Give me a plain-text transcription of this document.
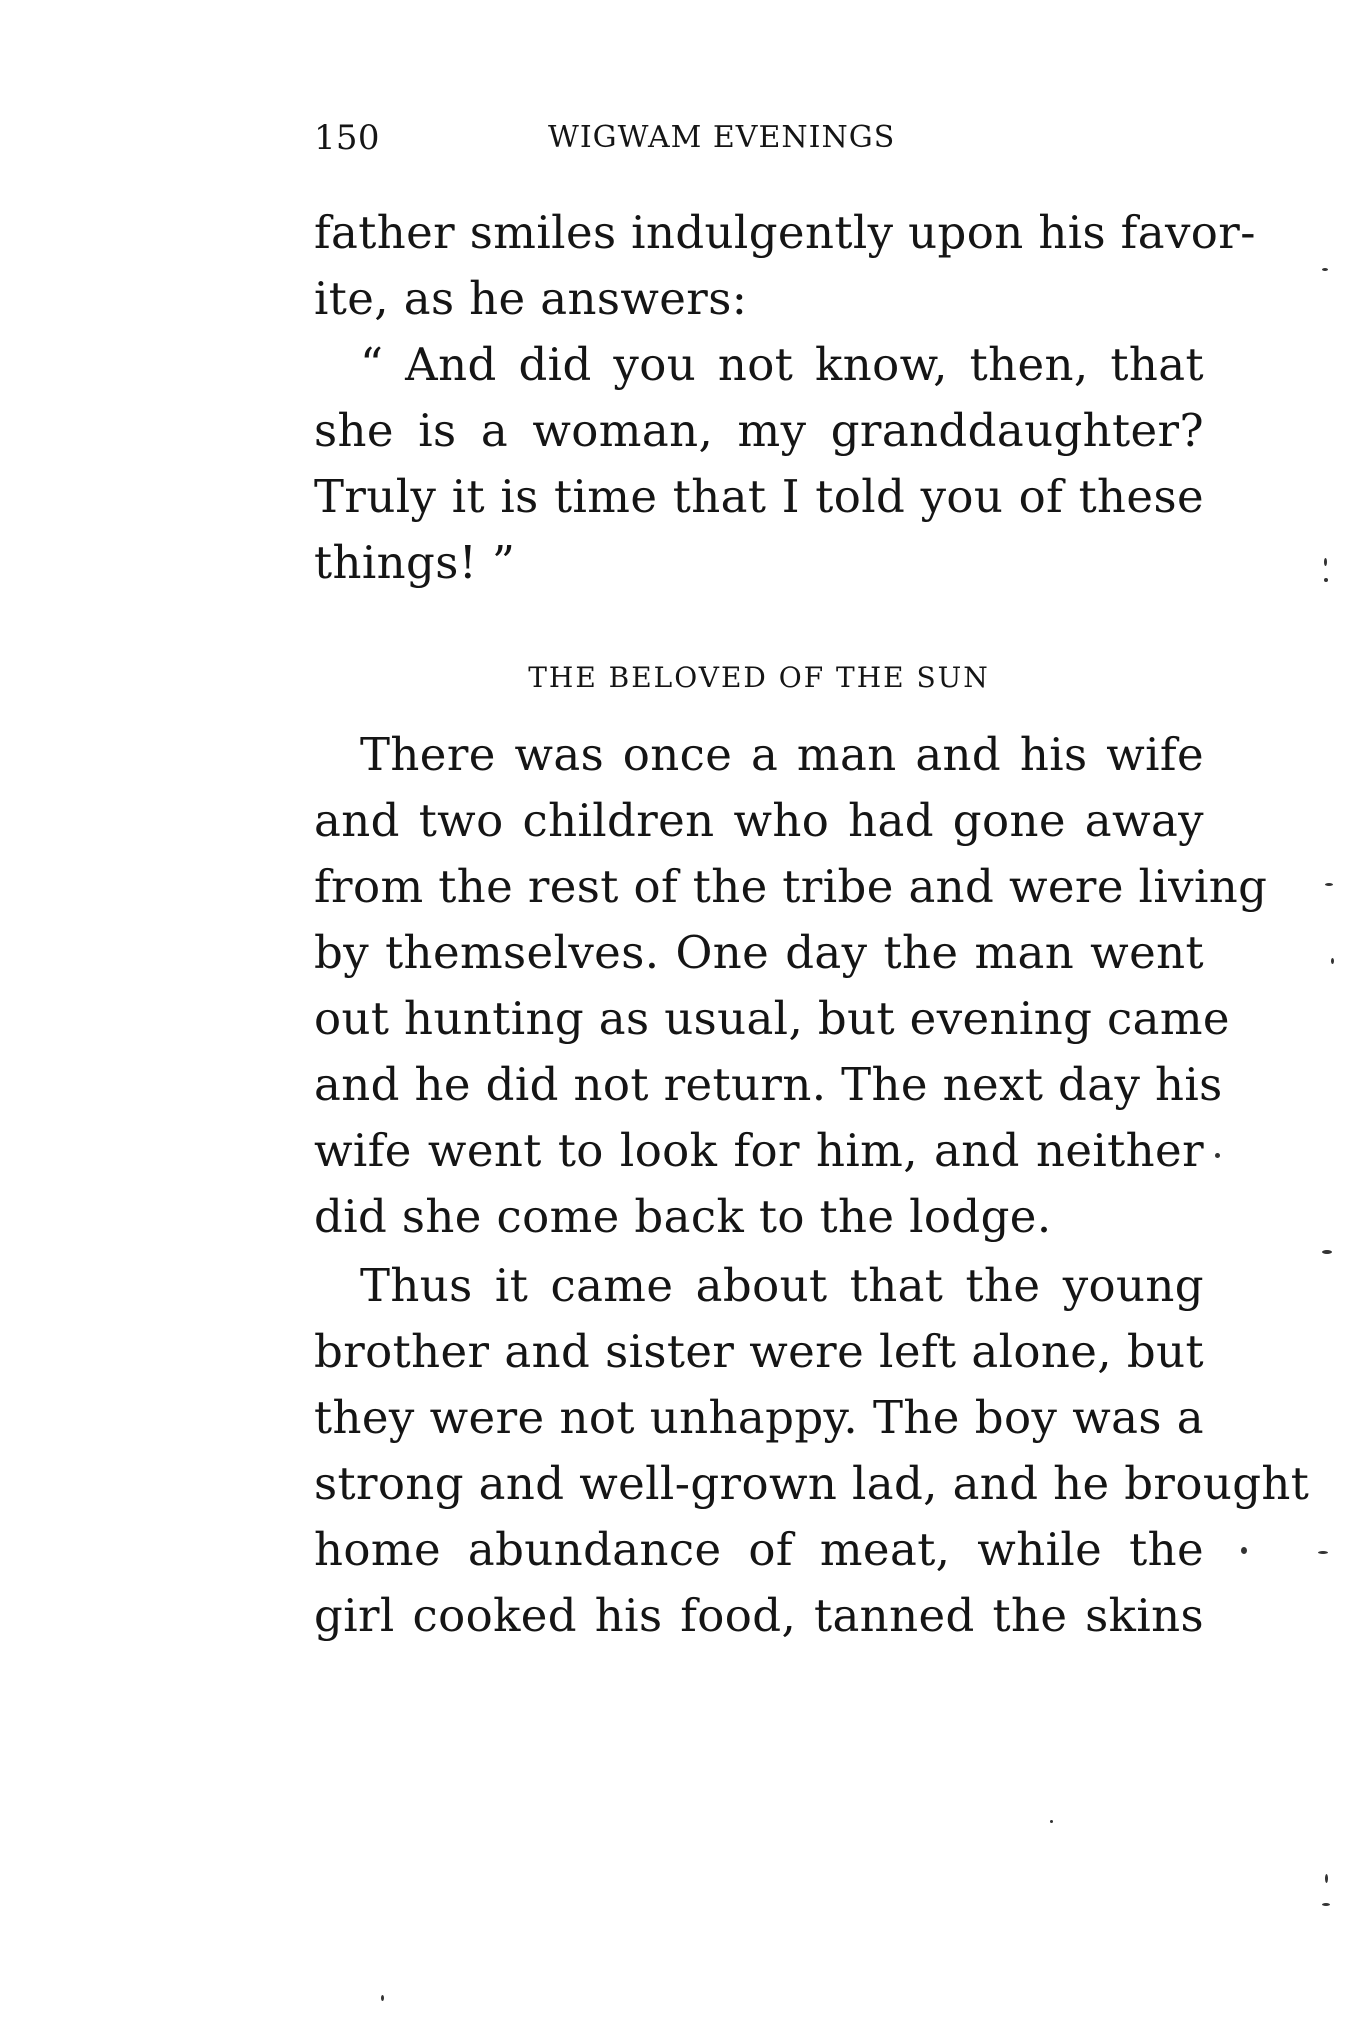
150	WIGWAM EVENINGS
father smiles indulgently upon his favor-
ite, as he answers:
“ And did you not know, then, that
she is a woman, my granddaughter?
Truly it is time that I told you of these
things! ”
THE BELOVED OF THE SUN
There was once a man and his wife
and two children who had gone away
from the rest of the tribe and were living
by themselves. One day the man went
out hunting as usual, but evening came
and he did not return. The next day his
wife went to look for him, and neither
did she come back to the lodge.
Thus it came about that the young
brother and sister were left alone, but
they were not unhappy. The boy was a
strong and well-grown lad, and he brought
home abundance of meat, while the
girl cooked his food, tanned the skins
